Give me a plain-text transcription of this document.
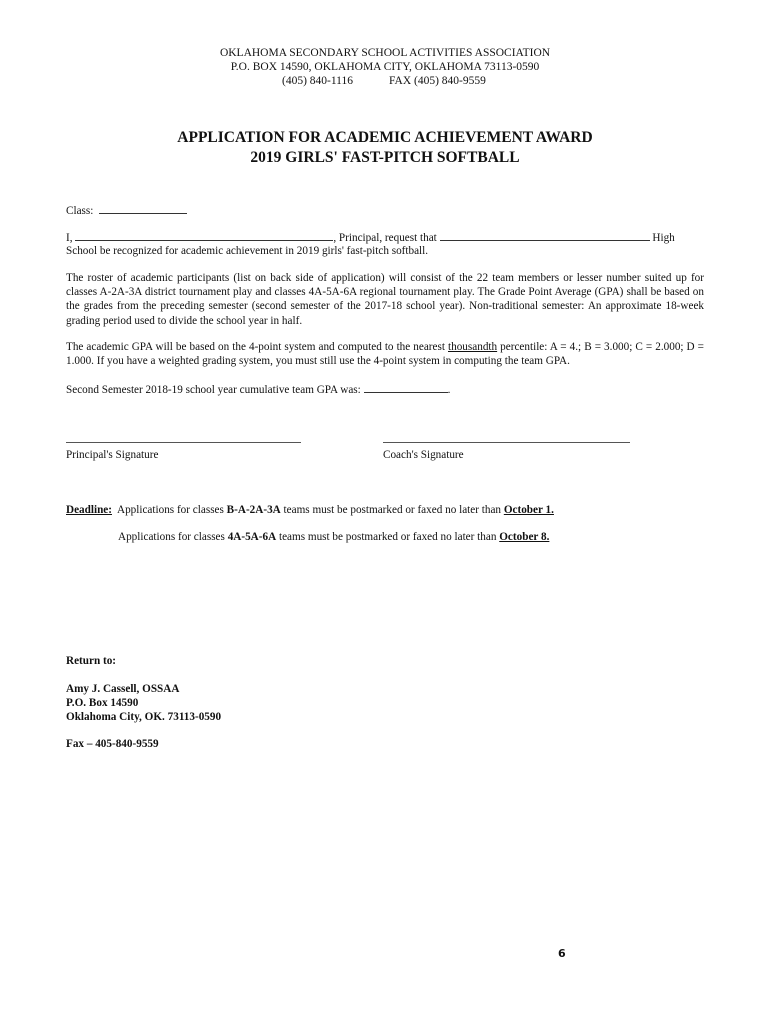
OKLAHOMA SECONDARY SCHOOL ACTIVITIES ASSOCIATION
P.O. BOX 14590, OKLAHOMA CITY, OKLAHOMA 73113-0590
(405) 840-1116	FAX (405) 840-9559
APPLICATION FOR ACADEMIC ACHIEVEMENT AWARD
2019 GIRLS' FAST-PITCH SOFTBALL
Class:
I,	, Principal, request that	High
School be recognized for academic achievement in 2019 girls' fast-pitch softball.
The roster of academic participants (list on back side of application) will consist of the 22 team members or lesser number suited up for classes A-2A-3A district tournament play and classes 4A-5A-6A regional tournament play. The Grade Point Average (GPA) shall be based on the grades from the preceding semester (second semester of the 2017-18 school year). Non-traditional semester: An approximate 18-week grading period used to divide the school year in half.
The academic GPA will be based on the 4-point system and computed to the nearest thousandth percentile: A = 4.; B = 3.000; C = 2.000; D = 1.000. If you have a weighted grading system, you must still use the 4-point system in computing the team GPA.
Second Semester 2018-19 school year cumulative team GPA was:	.
Principal's Signature	Coach's Signature
Deadline: Applications for classes B-A-2A-3A teams must be postmarked or faxed no later than October 1.
Applications for classes 4A-5A-6A teams must be postmarked or faxed no later than October 8.
Return to:
Amy J. Cassell, OSSAA
P.O. Box 14590
Oklahoma City, OK. 73113-0590
Fax – 405-840-9559
6
